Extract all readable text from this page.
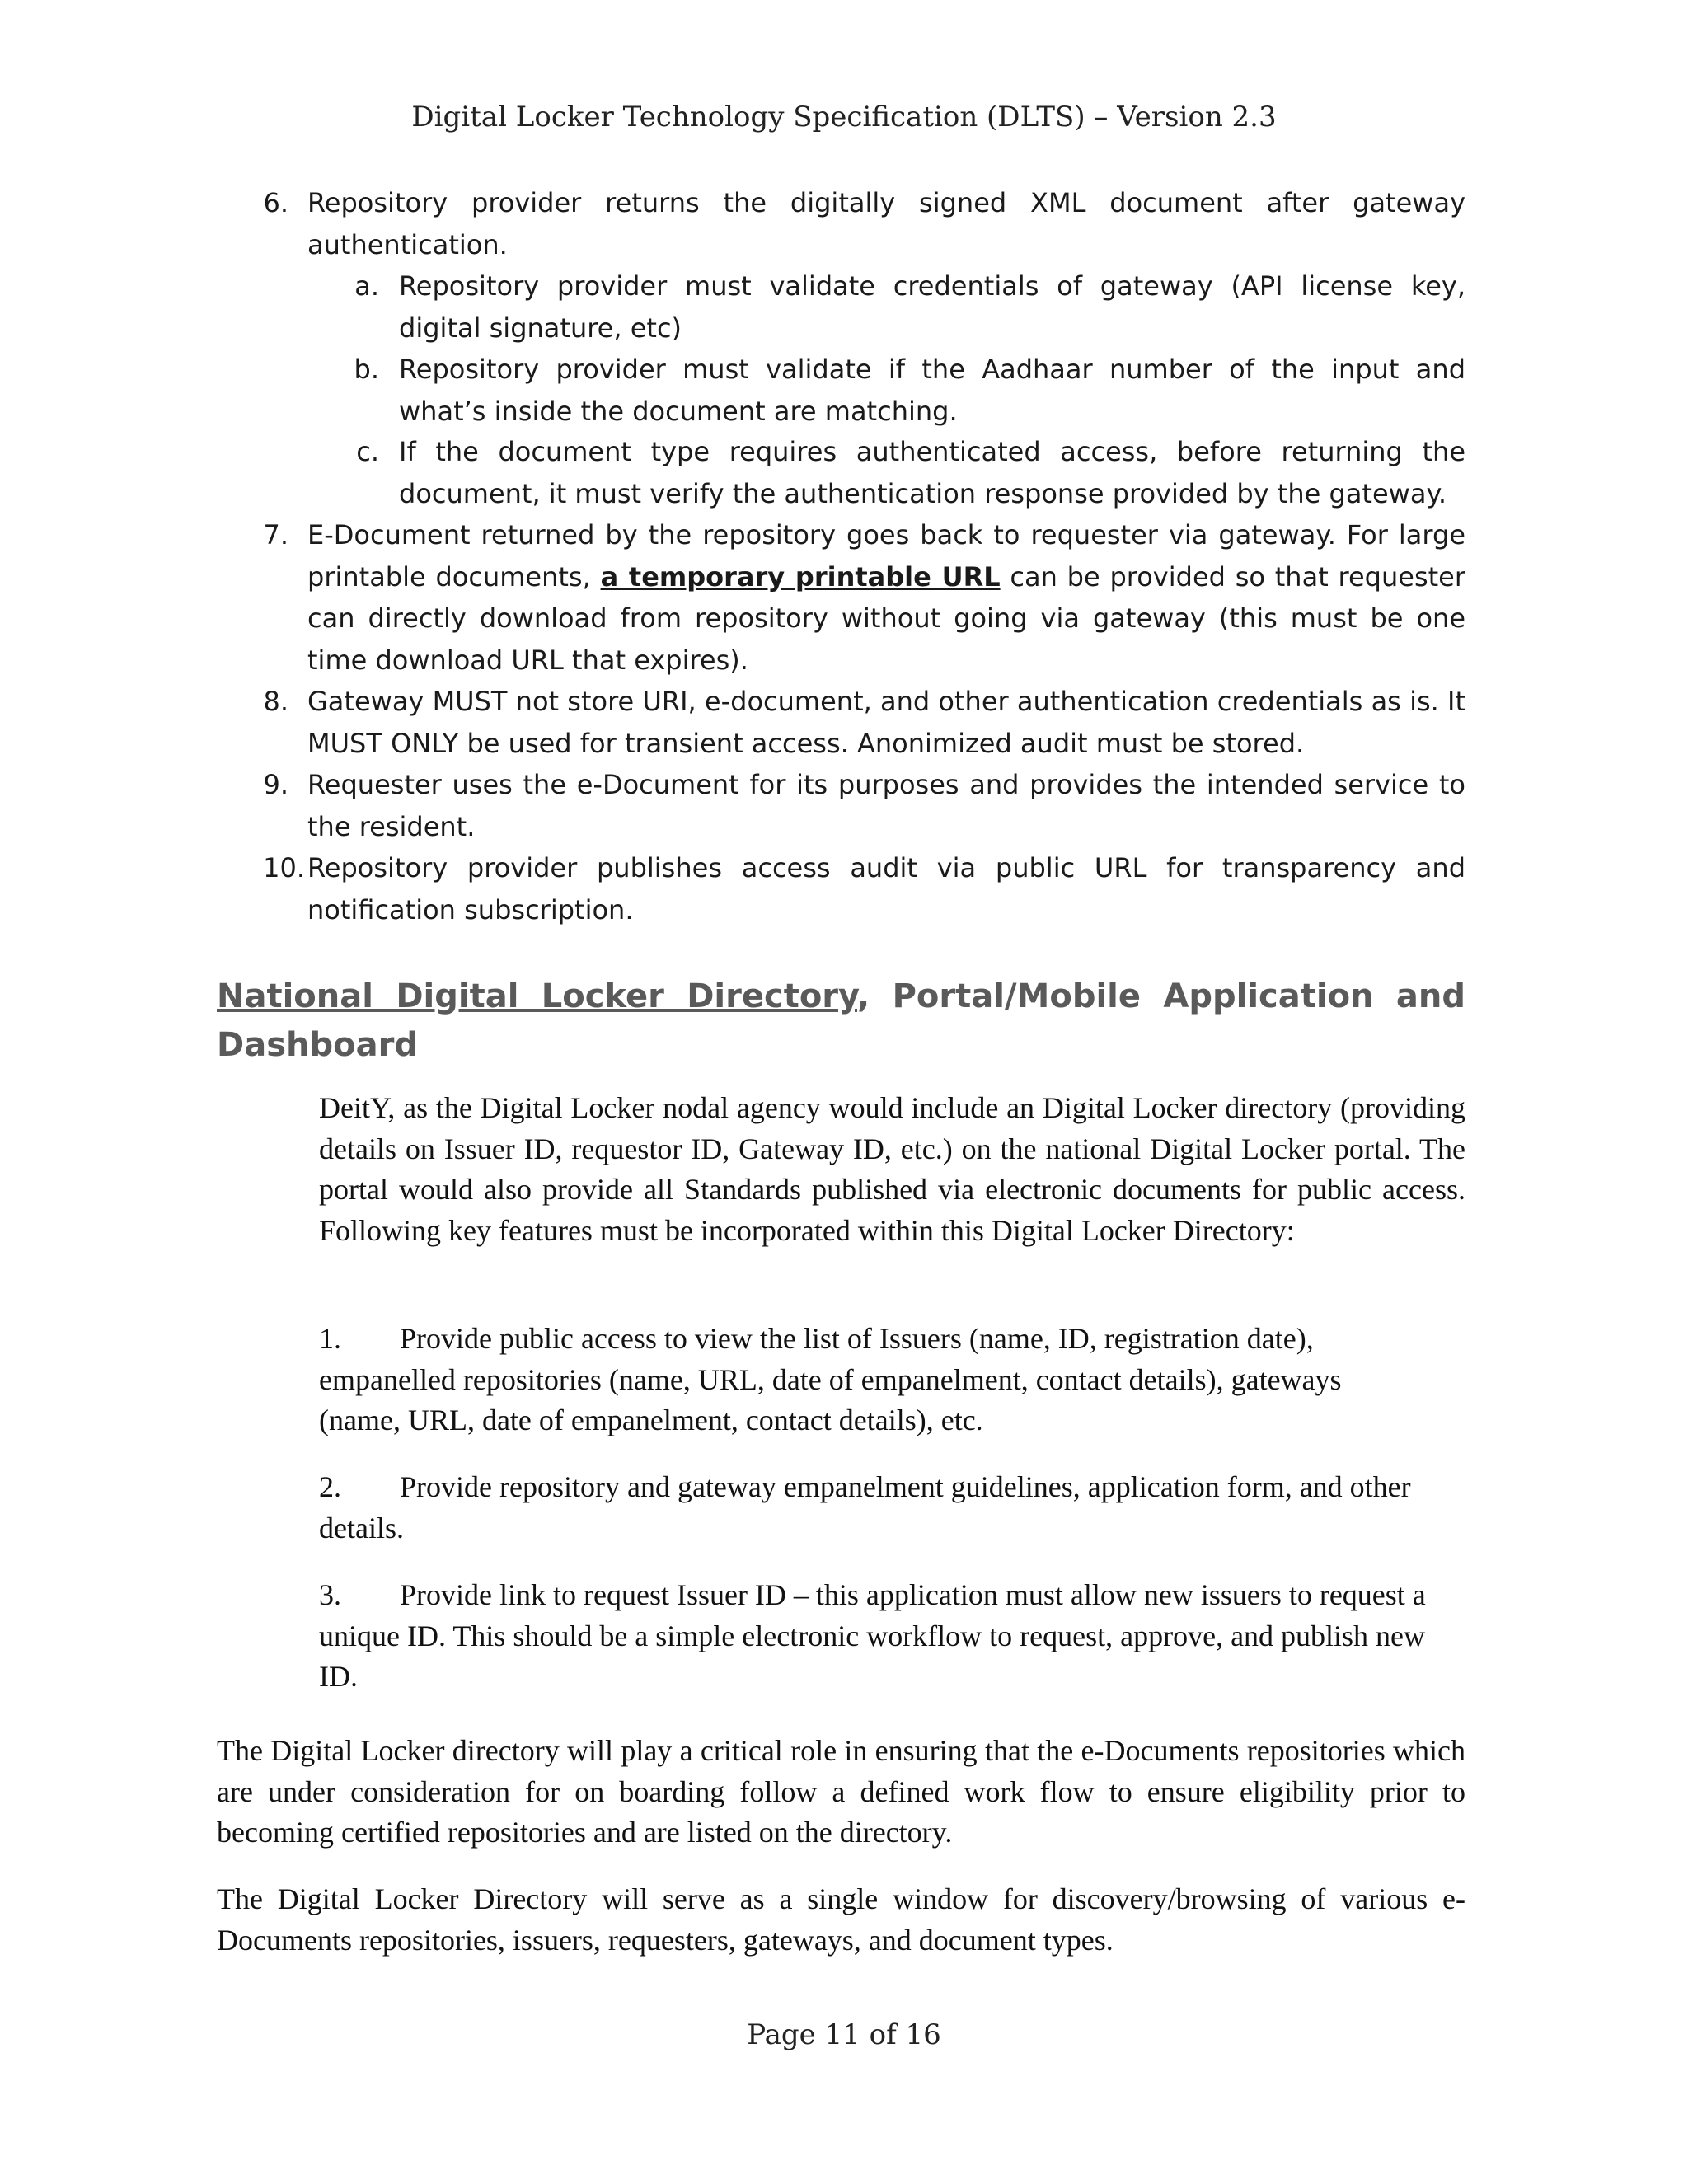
Digital Locker Technology Specification (DLTS) – Version 2.3
6. Repository provider returns the digitally signed XML document after gateway authentication.
a. Repository provider must validate credentials of gateway (API license key, digital signature, etc)
b. Repository provider must validate if the Aadhaar number of the input and what’s inside the document are matching.
c. If the document type requires authenticated access, before returning the document, it must verify the authentication response provided by the gateway.
7. E-Document returned by the repository goes back to requester via gateway. For large printable documents, a temporary printable URL can be provided so that requester can directly download from repository without going via gateway (this must be one time download URL that expires).
8. Gateway MUST not store URI, e-document, and other authentication credentials as is. It MUST ONLY be used for transient access. Anonimized audit must be stored.
9. Requester uses the e-Document for its purposes and provides the intended service to the resident.
10. Repository provider publishes access audit via public URL for transparency and notification subscription.
National Digital Locker Directory, Portal/Mobile Application and Dashboard
DeitY, as the Digital Locker nodal agency would include an Digital Locker directory (providing details on Issuer ID, requestor ID, Gateway ID, etc.) on the national Digital Locker portal. The portal would also provide all Standards published via electronic documents for public access. Following key features must be incorporated within this Digital Locker Directory:
1. Provide public access to view the list of Issuers (name, ID, registration date),
empanelled repositories (name, URL, date of empanelment, contact details), gateways (name, URL, date of empanelment, contact details), etc.
2. Provide repository and gateway empanelment guidelines, application form, and other
details.
3. Provide link to request Issuer ID – this application must allow new issuers to request a
unique ID. This should be a simple electronic workflow to request, approve, and publish new ID.
The Digital Locker directory will play a critical role in ensuring that the e-Documents repositories which are under consideration for on boarding follow a defined work flow to ensure eligibility prior to becoming certified repositories and are listed on the directory.
The Digital Locker Directory will serve as a single window for discovery/browsing of various e-Documents repositories, issuers, requesters, gateways, and document types.
Page 11 of 16
